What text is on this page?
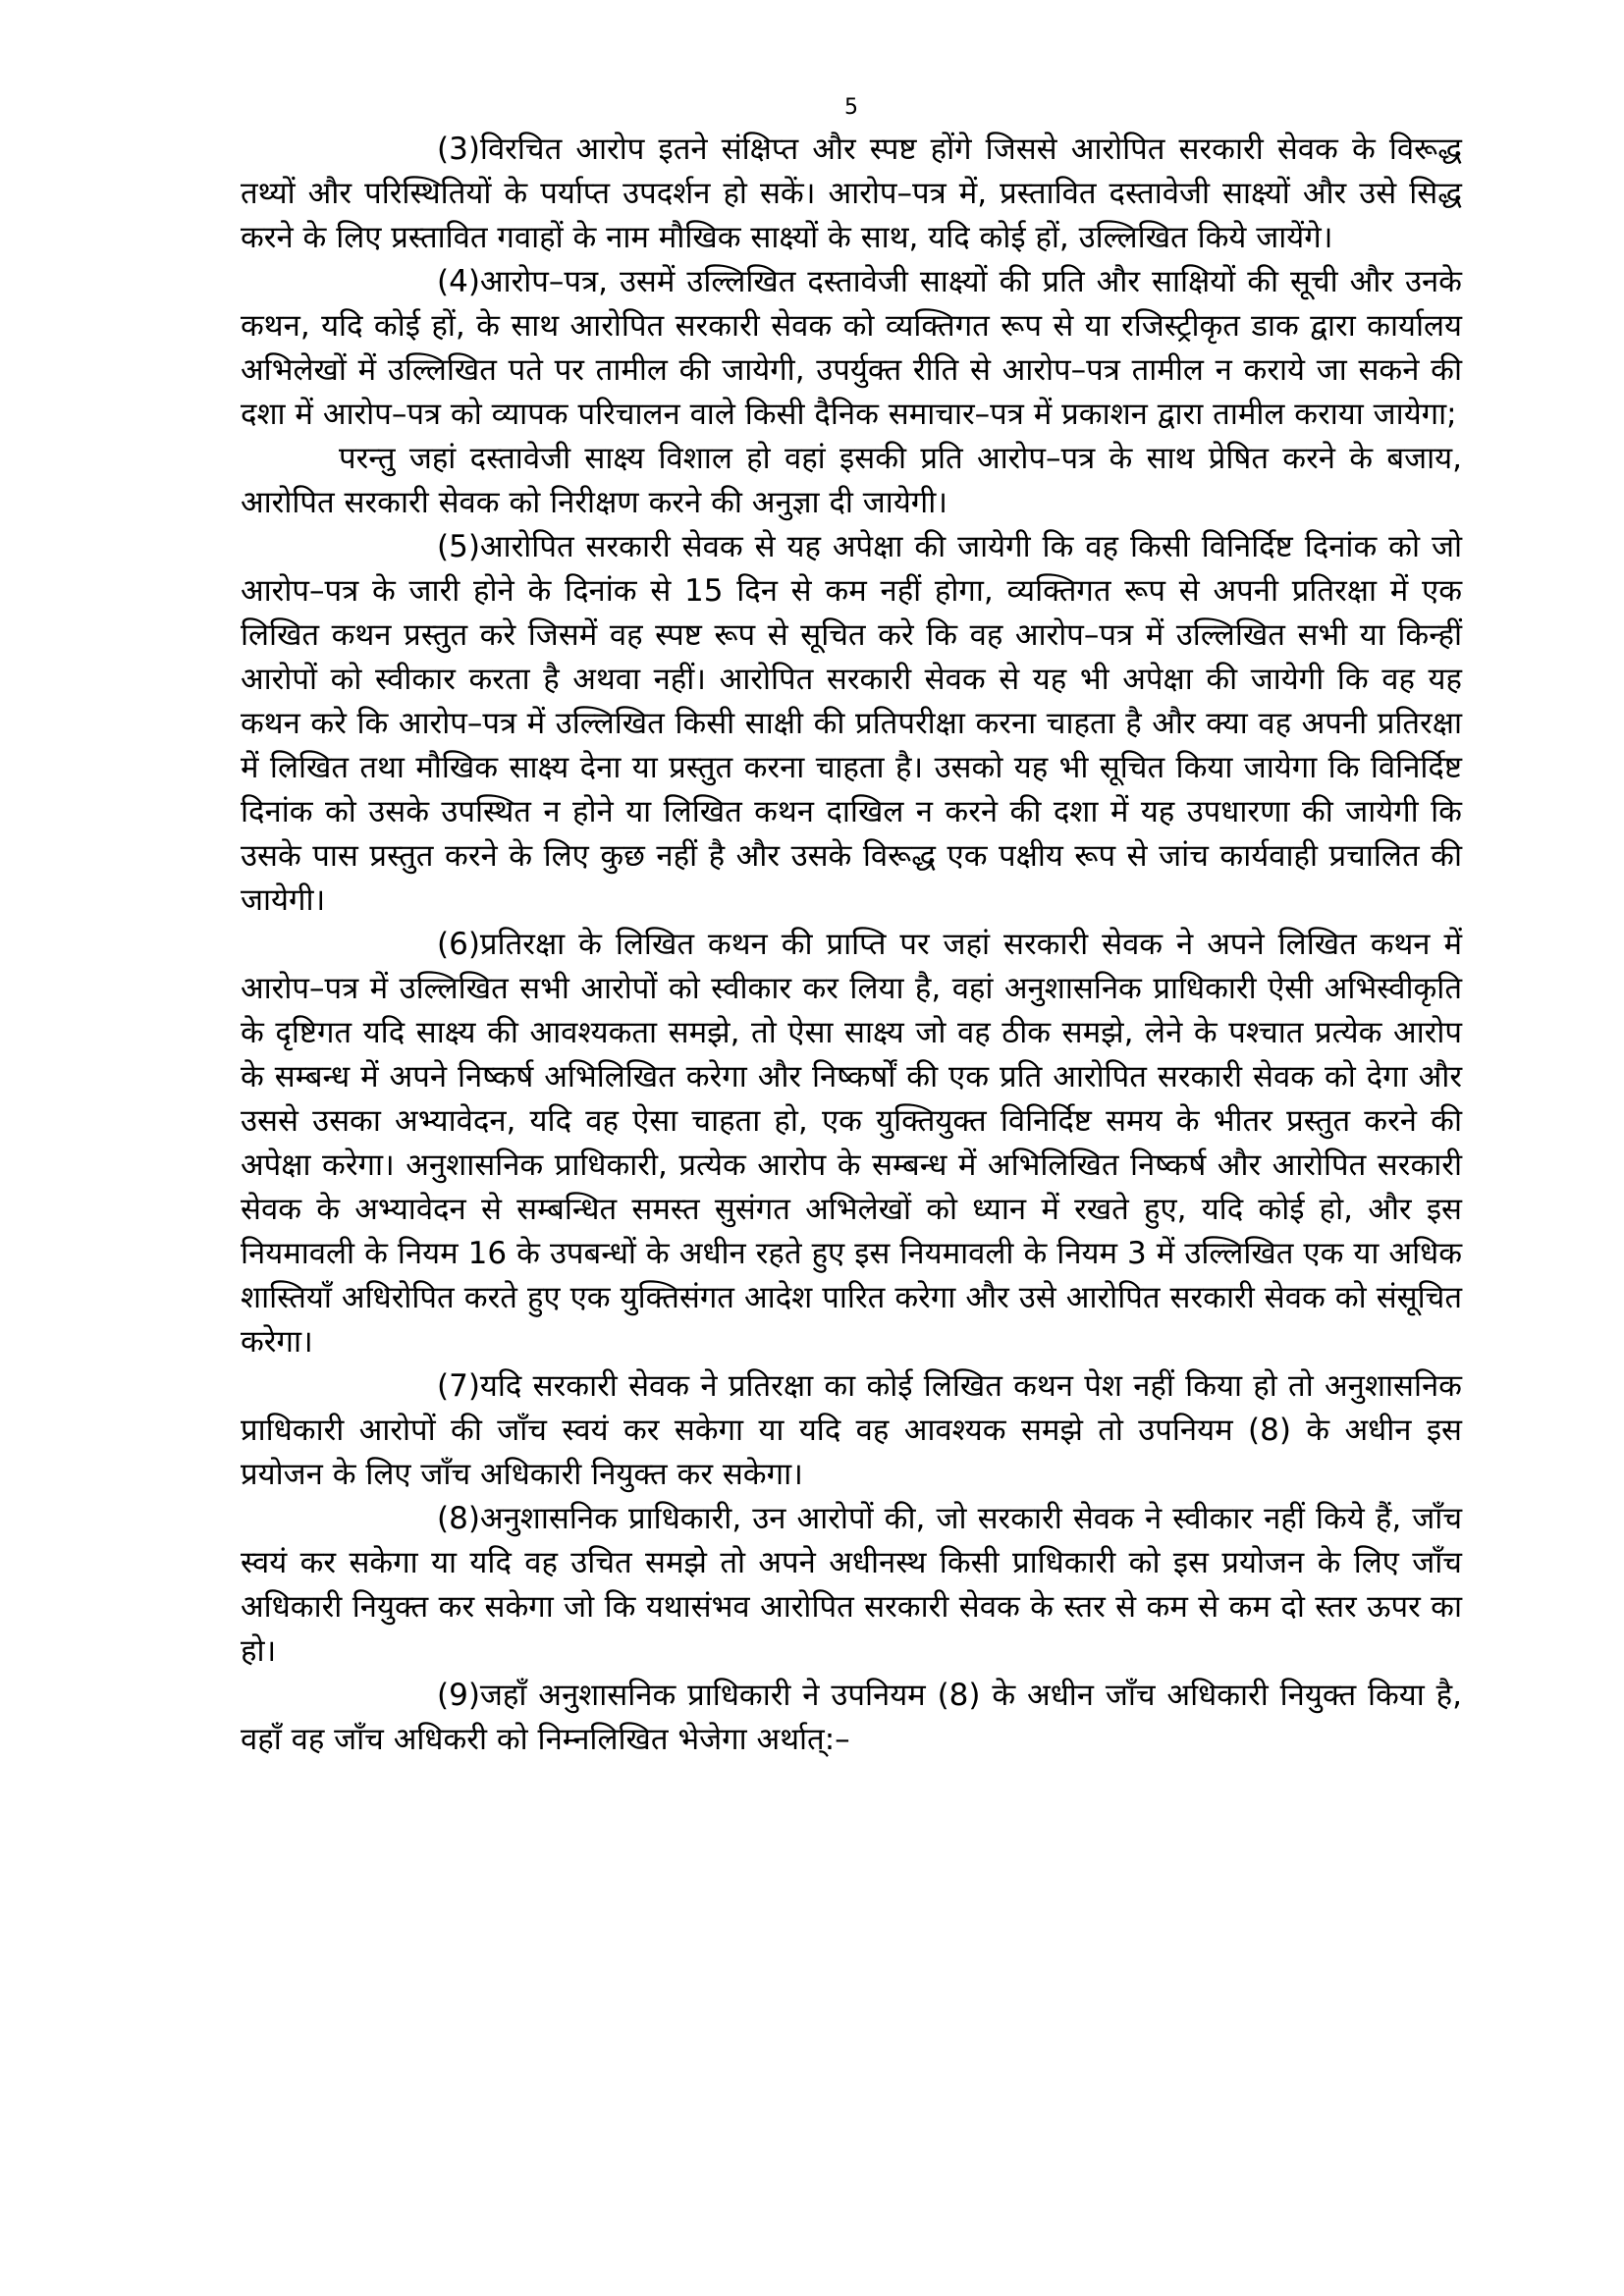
5

(3)विरचित आरोप इतने संक्षिप्त और स्पष्ट होंगे जिससे आरोपित सरकारी सेवक के विरूद्ध तथ्यों और परिस्थितियों के पर्याप्त उपदर्शन हो सकें। आरोप–पत्र में, प्रस्तावित दस्तावेजी साक्ष्यों और उसे सिद्ध करने के लिए प्रस्तावित गवाहों के नाम मौखिक साक्ष्यों के साथ, यदि कोई हों, उल्लिखित किये जायेंगे।

(4)आरोप–पत्र, उसमें उल्लिखित दस्तावेजी साक्ष्यों की प्रति और साक्षियों की सूची और उनके कथन, यदि कोई हों, के साथ आरोपित सरकारी सेवक को व्यक्तिगत रूप से या रजिस्ट्रीकृत डाक द्वारा कार्यालय अभिलेखों में उल्लिखित पते पर तामील की जायेगी, उपर्युक्त रीति से आरोप–पत्र तामील न कराये जा सकने की दशा में आरोप–पत्र को व्यापक परिचालन वाले किसी दैनिक समाचार–पत्र में प्रकाशन द्वारा तामील कराया जायेगा;

परन्तु जहां दस्तावेजी साक्ष्य विशाल हो वहां इसकी प्रति आरोप–पत्र के साथ प्रेषित करने के बजाय, आरोपित सरकारी सेवक को निरीक्षण करने की अनुज्ञा दी जायेगी।

(5)आरोपित सरकारी सेवक से यह अपेक्षा की जायेगी कि वह किसी विनिर्दिष्ट दिनांक को जो आरोप–पत्र के जारी होने के दिनांक से 15 दिन से कम नहीं होगा, व्यक्तिगत रूप से अपनी प्रतिरक्षा में एक लिखित कथन प्रस्तुत करे जिसमें वह स्पष्ट रूप से सूचित करे कि वह आरोप–पत्र में उल्लिखित सभी या किन्हीं आरोपों को स्वीकार करता है अथवा नहीं। आरोपित सरकारी सेवक से यह भी अपेक्षा की जायेगी कि वह यह कथन करे कि आरोप–पत्र में उल्लिखित किसी साक्षी की प्रतिपरीक्षा करना चाहता है और क्या वह अपनी प्रतिरक्षा में लिखित तथा मौखिक साक्ष्य देना या प्रस्तुत करना चाहता है। उसको यह भी सूचित किया जायेगा कि विनिर्दिष्ट दिनांक को उसके उपस्थित न होने या लिखित कथन दाखिल न करने की दशा में यह उपधारणा की जायेगी कि उसके पास प्रस्तुत करने के लिए कुछ नहीं है और उसके विरूद्ध एक पक्षीय रूप से जांच कार्यवाही प्रचालित की जायेगी।

(6)प्रतिरक्षा के लिखित कथन की प्राप्ति पर जहां सरकारी सेवक ने अपने लिखित कथन में आरोप–पत्र में उल्लिखित सभी आरोपों को स्वीकार कर लिया है, वहां अनुशासनिक प्राधिकारी ऐसी अभिस्वीकृति के दृष्टिगत यदि साक्ष्य की आवश्यकता समझे, तो ऐसा साक्ष्य जो वह ठीक समझे, लेने के पश्चात प्रत्येक आरोप के सम्बन्ध में अपने निष्कर्ष अभिलिखित करेगा और निष्कर्षों की एक प्रति आरोपित सरकारी सेवक को देगा और उससे उसका अभ्यावेदन, यदि वह ऐसा चाहता हो, एक युक्तियुक्त विनिर्दिष्ट समय के भीतर प्रस्तुत करने की अपेक्षा करेगा। अनुशासनिक प्राधिकारी, प्रत्येक आरोप के सम्बन्ध में अभिलिखित निष्कर्ष और आरोपित सरकारी सेवक के अभ्यावेदन से सम्बन्धित समस्त सुसंगत अभिलेखों को ध्यान में रखते हुए, यदि कोई हो, और इस नियमावली के नियम 16 के उपबन्धों के अधीन रहते हुए इस नियमावली के नियम 3 में उल्लिखित एक या अधिक शास्तियाँ अधिरोपित करते हुए एक युक्तिसंगत आदेश पारित करेगा और उसे आरोपित सरकारी सेवक को संसूचित करेगा।

(7)यदि सरकारी सेवक ने प्रतिरक्षा का कोई लिखित कथन पेश नहीं किया हो तो अनुशासनिक प्राधिकारी आरोपों की जाँच स्वयं कर सकेगा या यदि वह आवश्यक समझे तो उपनियम (8) के अधीन इस प्रयोजन के लिए जाँच अधिकारी नियुक्त कर सकेगा।

(8)अनुशासनिक प्राधिकारी, उन आरोपों की, जो सरकारी सेवक ने स्वीकार नहीं किये हैं, जाँच स्वयं कर सकेगा या यदि वह उचित समझे तो अपने अधीनस्थ किसी प्राधिकारी को इस प्रयोजन के लिए जाँच अधिकारी नियुक्त कर सकेगा जो कि यथासंभव आरोपित सरकारी सेवक के स्तर से कम से कम दो स्तर ऊपर का हो।

(9)जहाँ अनुशासनिक प्राधिकारी ने उपनियम (8) के अधीन जाँच अधिकारी नियुक्त किया है, वहाँ वह जाँच अधिकरी को निम्नलिखित भेजेगा अर्थात्:–
